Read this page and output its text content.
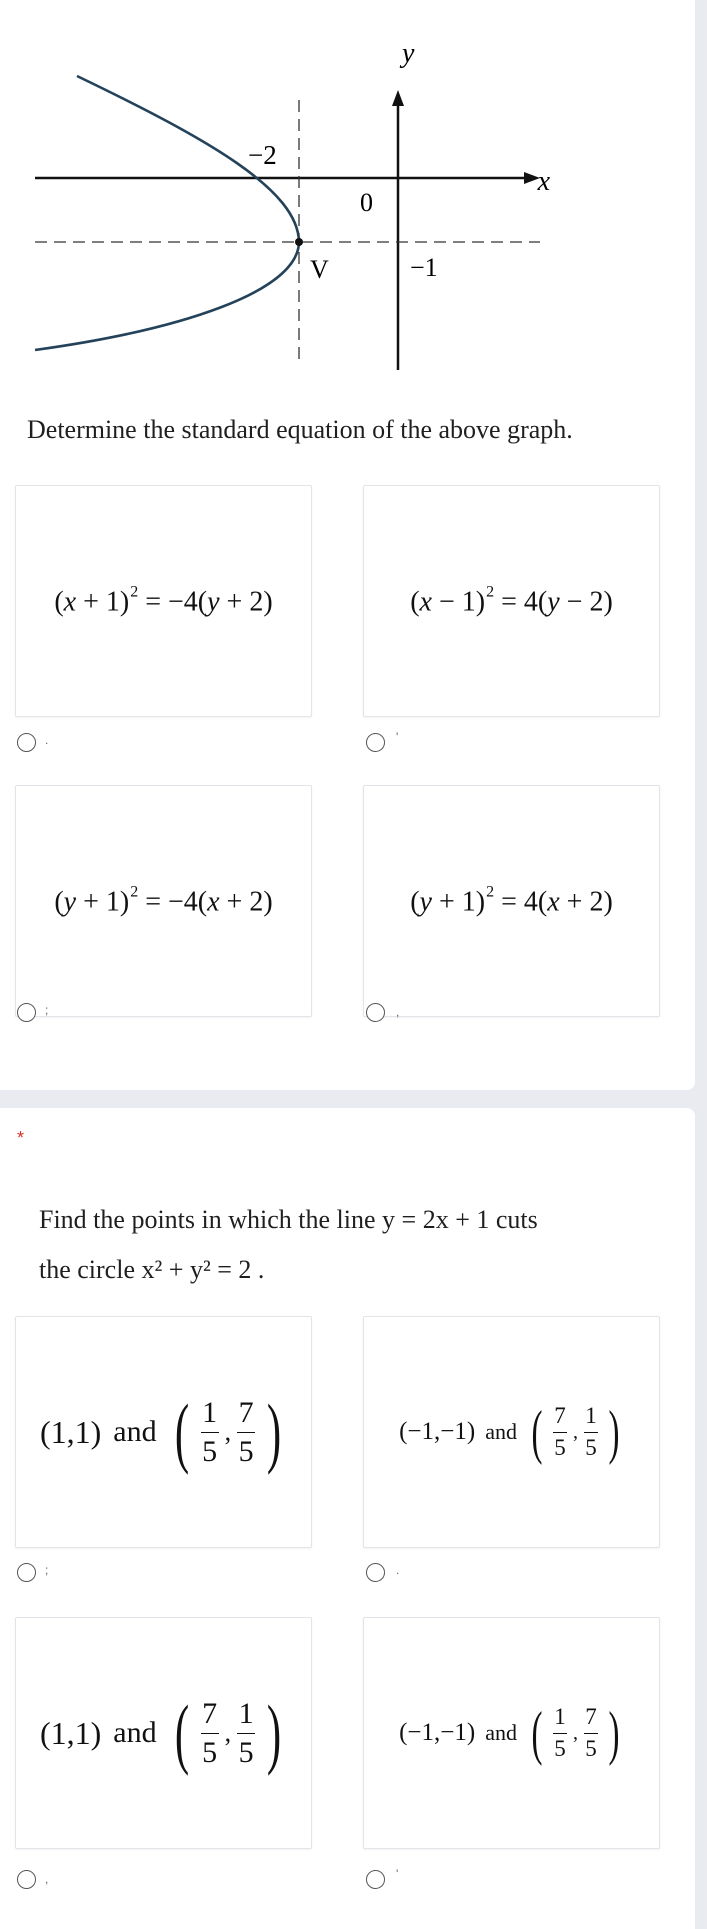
y
x
0
−2
−1
V
Determine the standard equation of the above graph.
$(x + 1)^2 = -4(y + 2)$
.
$(x - 1)^2 = 4(y - 2)$
'
$(y + 1)^2 = -4(x + 2)$
;
$(y + 1)^2 = 4(x + 2)$
,
*
Find the points in which the line y = 2x + 1 cuts
the circle x² + y² = 2 .
(1,1) and ( $\frac{1}{5}$ , $\frac{7}{5}$ )
;
(−1,−1) and ( $\frac{7}{5}$ , $\frac{1}{5}$ )
.
(1,1) and ( $\frac{7}{5}$ , $\frac{1}{5}$ )
,
(−1,−1) and ( $\frac{1}{5}$ , $\frac{7}{5}$ )
'
